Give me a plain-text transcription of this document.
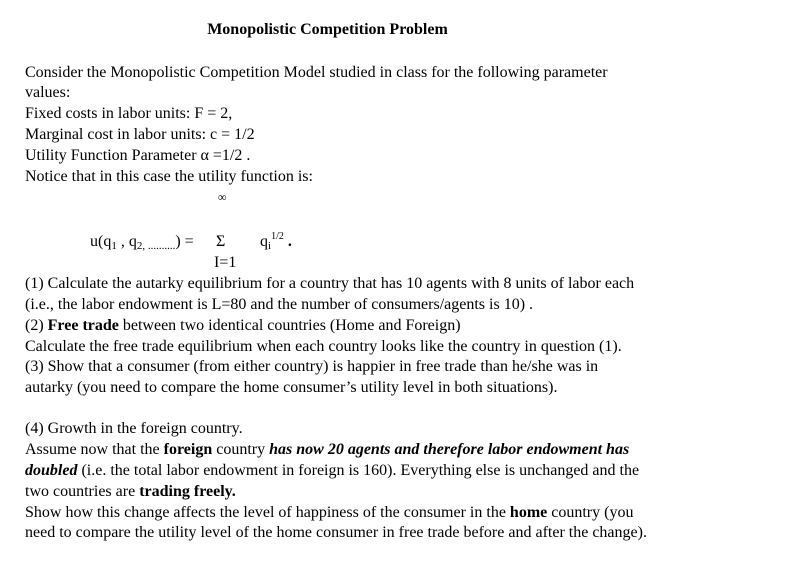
Monopolistic Competition Problem
Consider the Monopolistic Competition Model studied in class for the following parameter
values:
Fixed costs in labor units: F = 2,
Marginal cost in labor units: c = 1/2
Utility Function Parameter α =1/2 .
Notice that in this case the utility function is:
∞
u(q1 , q2, ..........) = Σ $qi^{1/2}$ .
I=1
(1) Calculate the autarky equilibrium for a country that has 10 agents with 8 units of labor each
(i.e., the labor endowment is L=80 and the number of consumers/agents is 10) .
(2) Free trade between two identical countries (Home and Foreign)
Calculate the free trade equilibrium when each country looks like the country in question (1).
(3) Show that a consumer (from either country) is happier in free trade than he/she was in
autarky (you need to compare the home consumer’s utility level in both situations).
(4) Growth in the foreign country.
Assume now that the foreign country has now 20 agents and therefore labor endowment has
doubled (i.e. the total labor endowment in foreign is 160). Everything else is unchanged and the
two countries are trading freely.
Show how this change affects the level of happiness of the consumer in the home country (you
need to compare the utility level of the home consumer in free trade before and after the change).
